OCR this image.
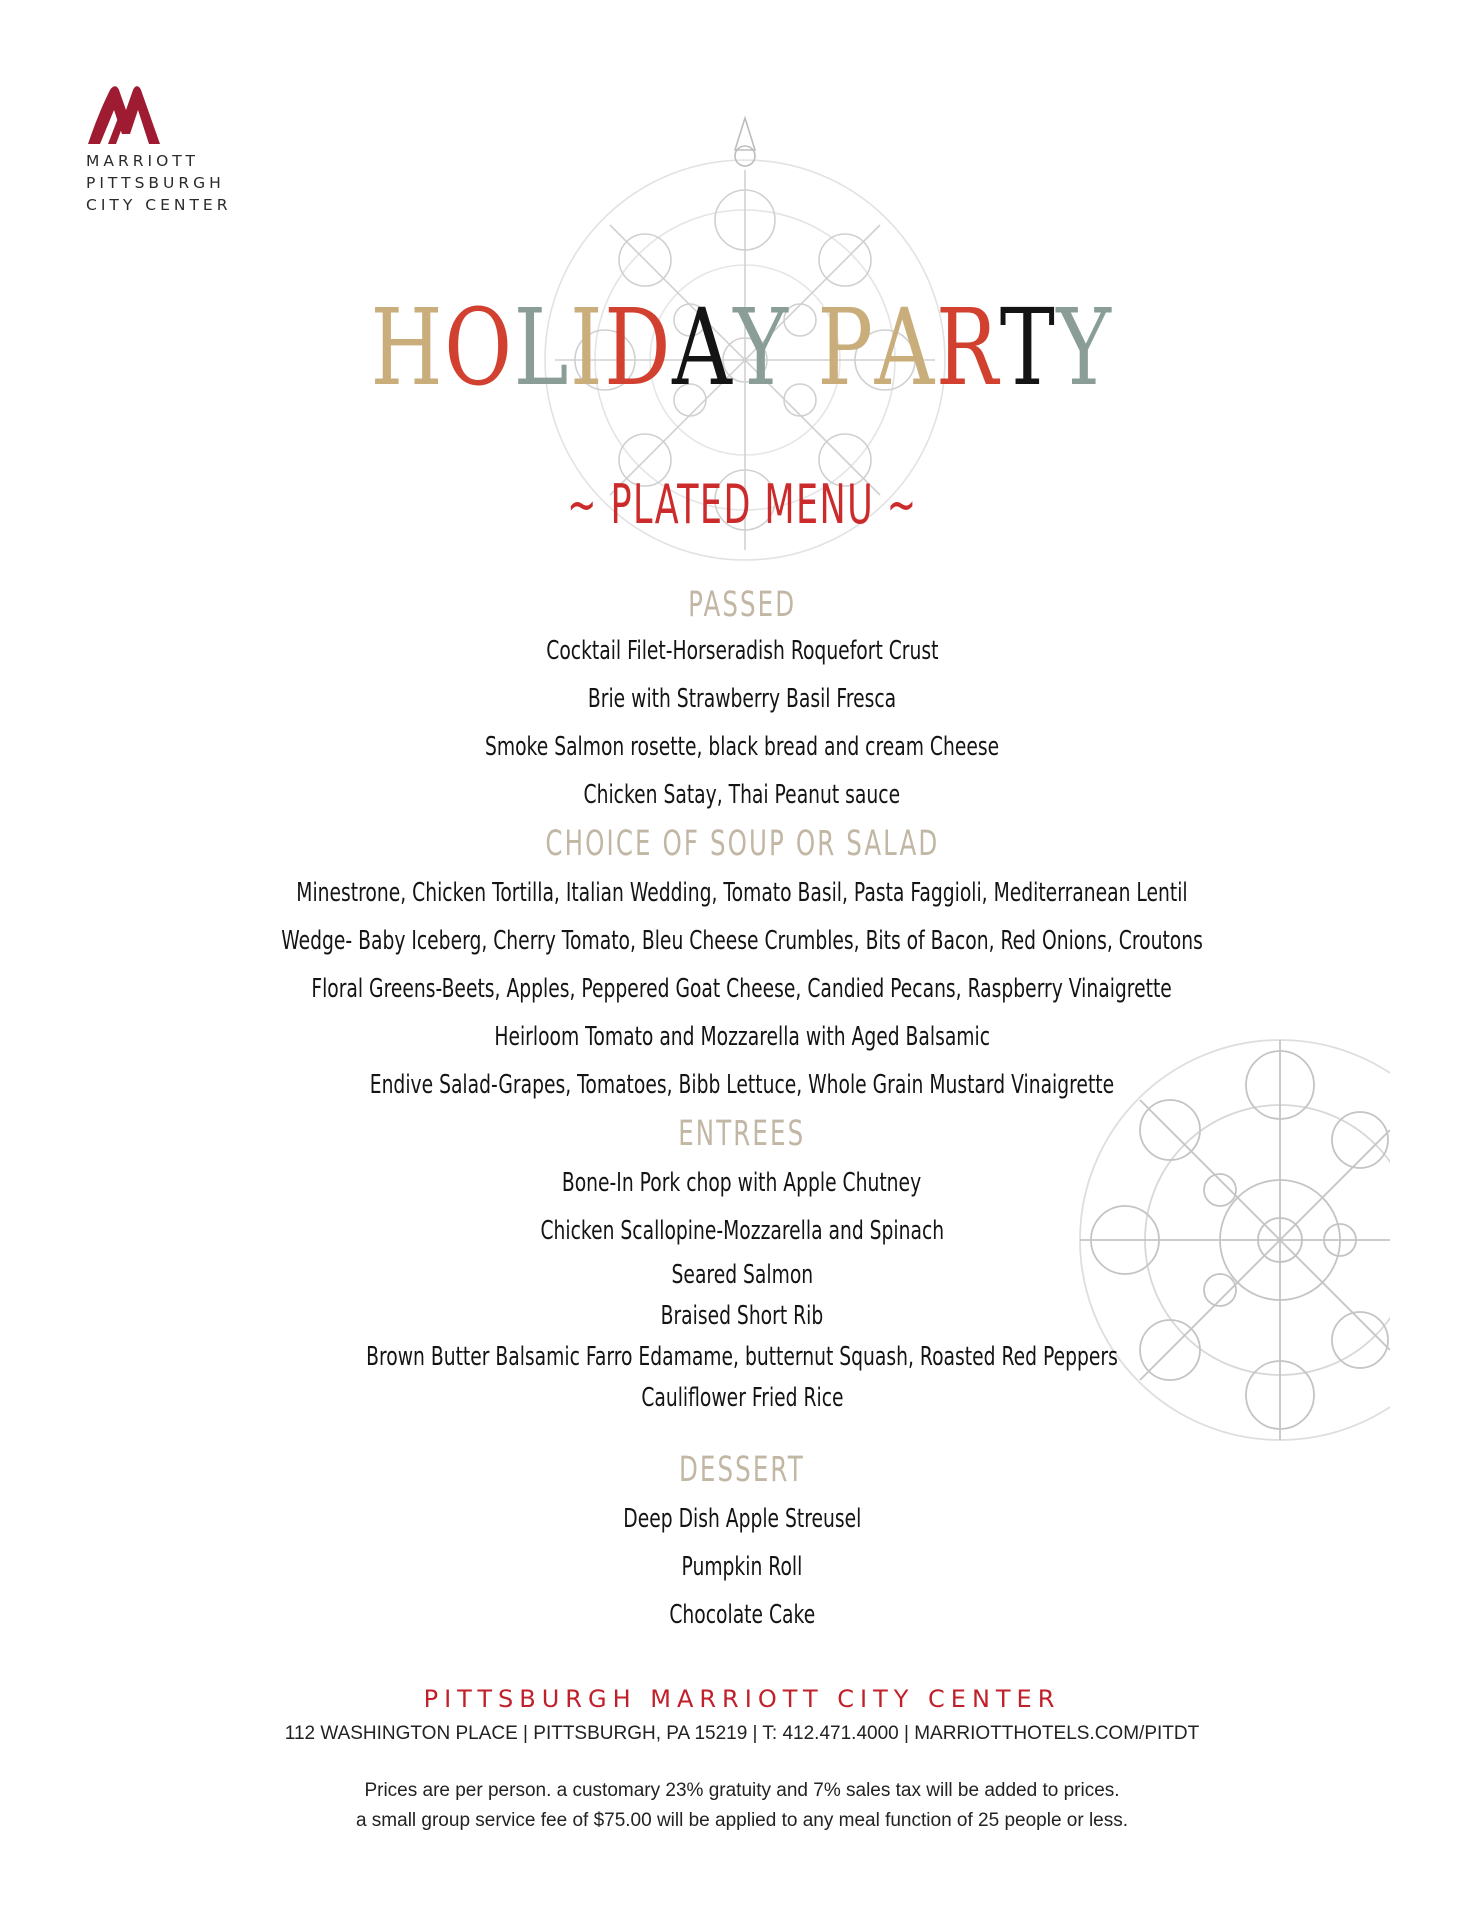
MARRIOTT
PITTSBURGH
CITY CENTER
HOLIDAY PARTY
~ PLATED MENU ~
PASSED
Cocktail Filet-Horseradish Roquefort Crust
Brie with Strawberry Basil Fresca
Smoke Salmon rosette, black bread and cream Cheese
Chicken Satay, Thai Peanut sauce
CHOICE OF SOUP OR SALAD
Minestrone, Chicken Tortilla, Italian Wedding, Tomato Basil, Pasta Faggioli, Mediterranean Lentil
Wedge- Baby Iceberg, Cherry Tomato, Bleu Cheese Crumbles, Bits of Bacon, Red Onions, Croutons
Floral Greens-Beets, Apples, Peppered Goat Cheese, Candied Pecans, Raspberry Vinaigrette
Heirloom Tomato and Mozzarella with Aged Balsamic
Endive Salad-Grapes, Tomatoes, Bibb Lettuce, Whole Grain Mustard Vinaigrette
ENTREES
Bone-In Pork chop with Apple Chutney
Chicken Scallopine-Mozzarella and Spinach
Seared Salmon
Braised Short Rib
Brown Butter Balsamic Farro Edamame, butternut Squash, Roasted Red Peppers
Cauliflower Fried Rice
DESSERT
Deep Dish Apple Streusel
Pumpkin Roll
Chocolate Cake
PITTSBURGH MARRIOTT CITY CENTER
112 WASHINGTON PLACE | PITTSBURGH, PA 15219 | T: 412.471.4000 | MARRIOTTHOTELS.COM/PITDT
Prices are per person. a customary 23% gratuity and 7% sales tax will be added to prices.
a small group service fee of $75.00 will be applied to any meal function of 25 people or less.
